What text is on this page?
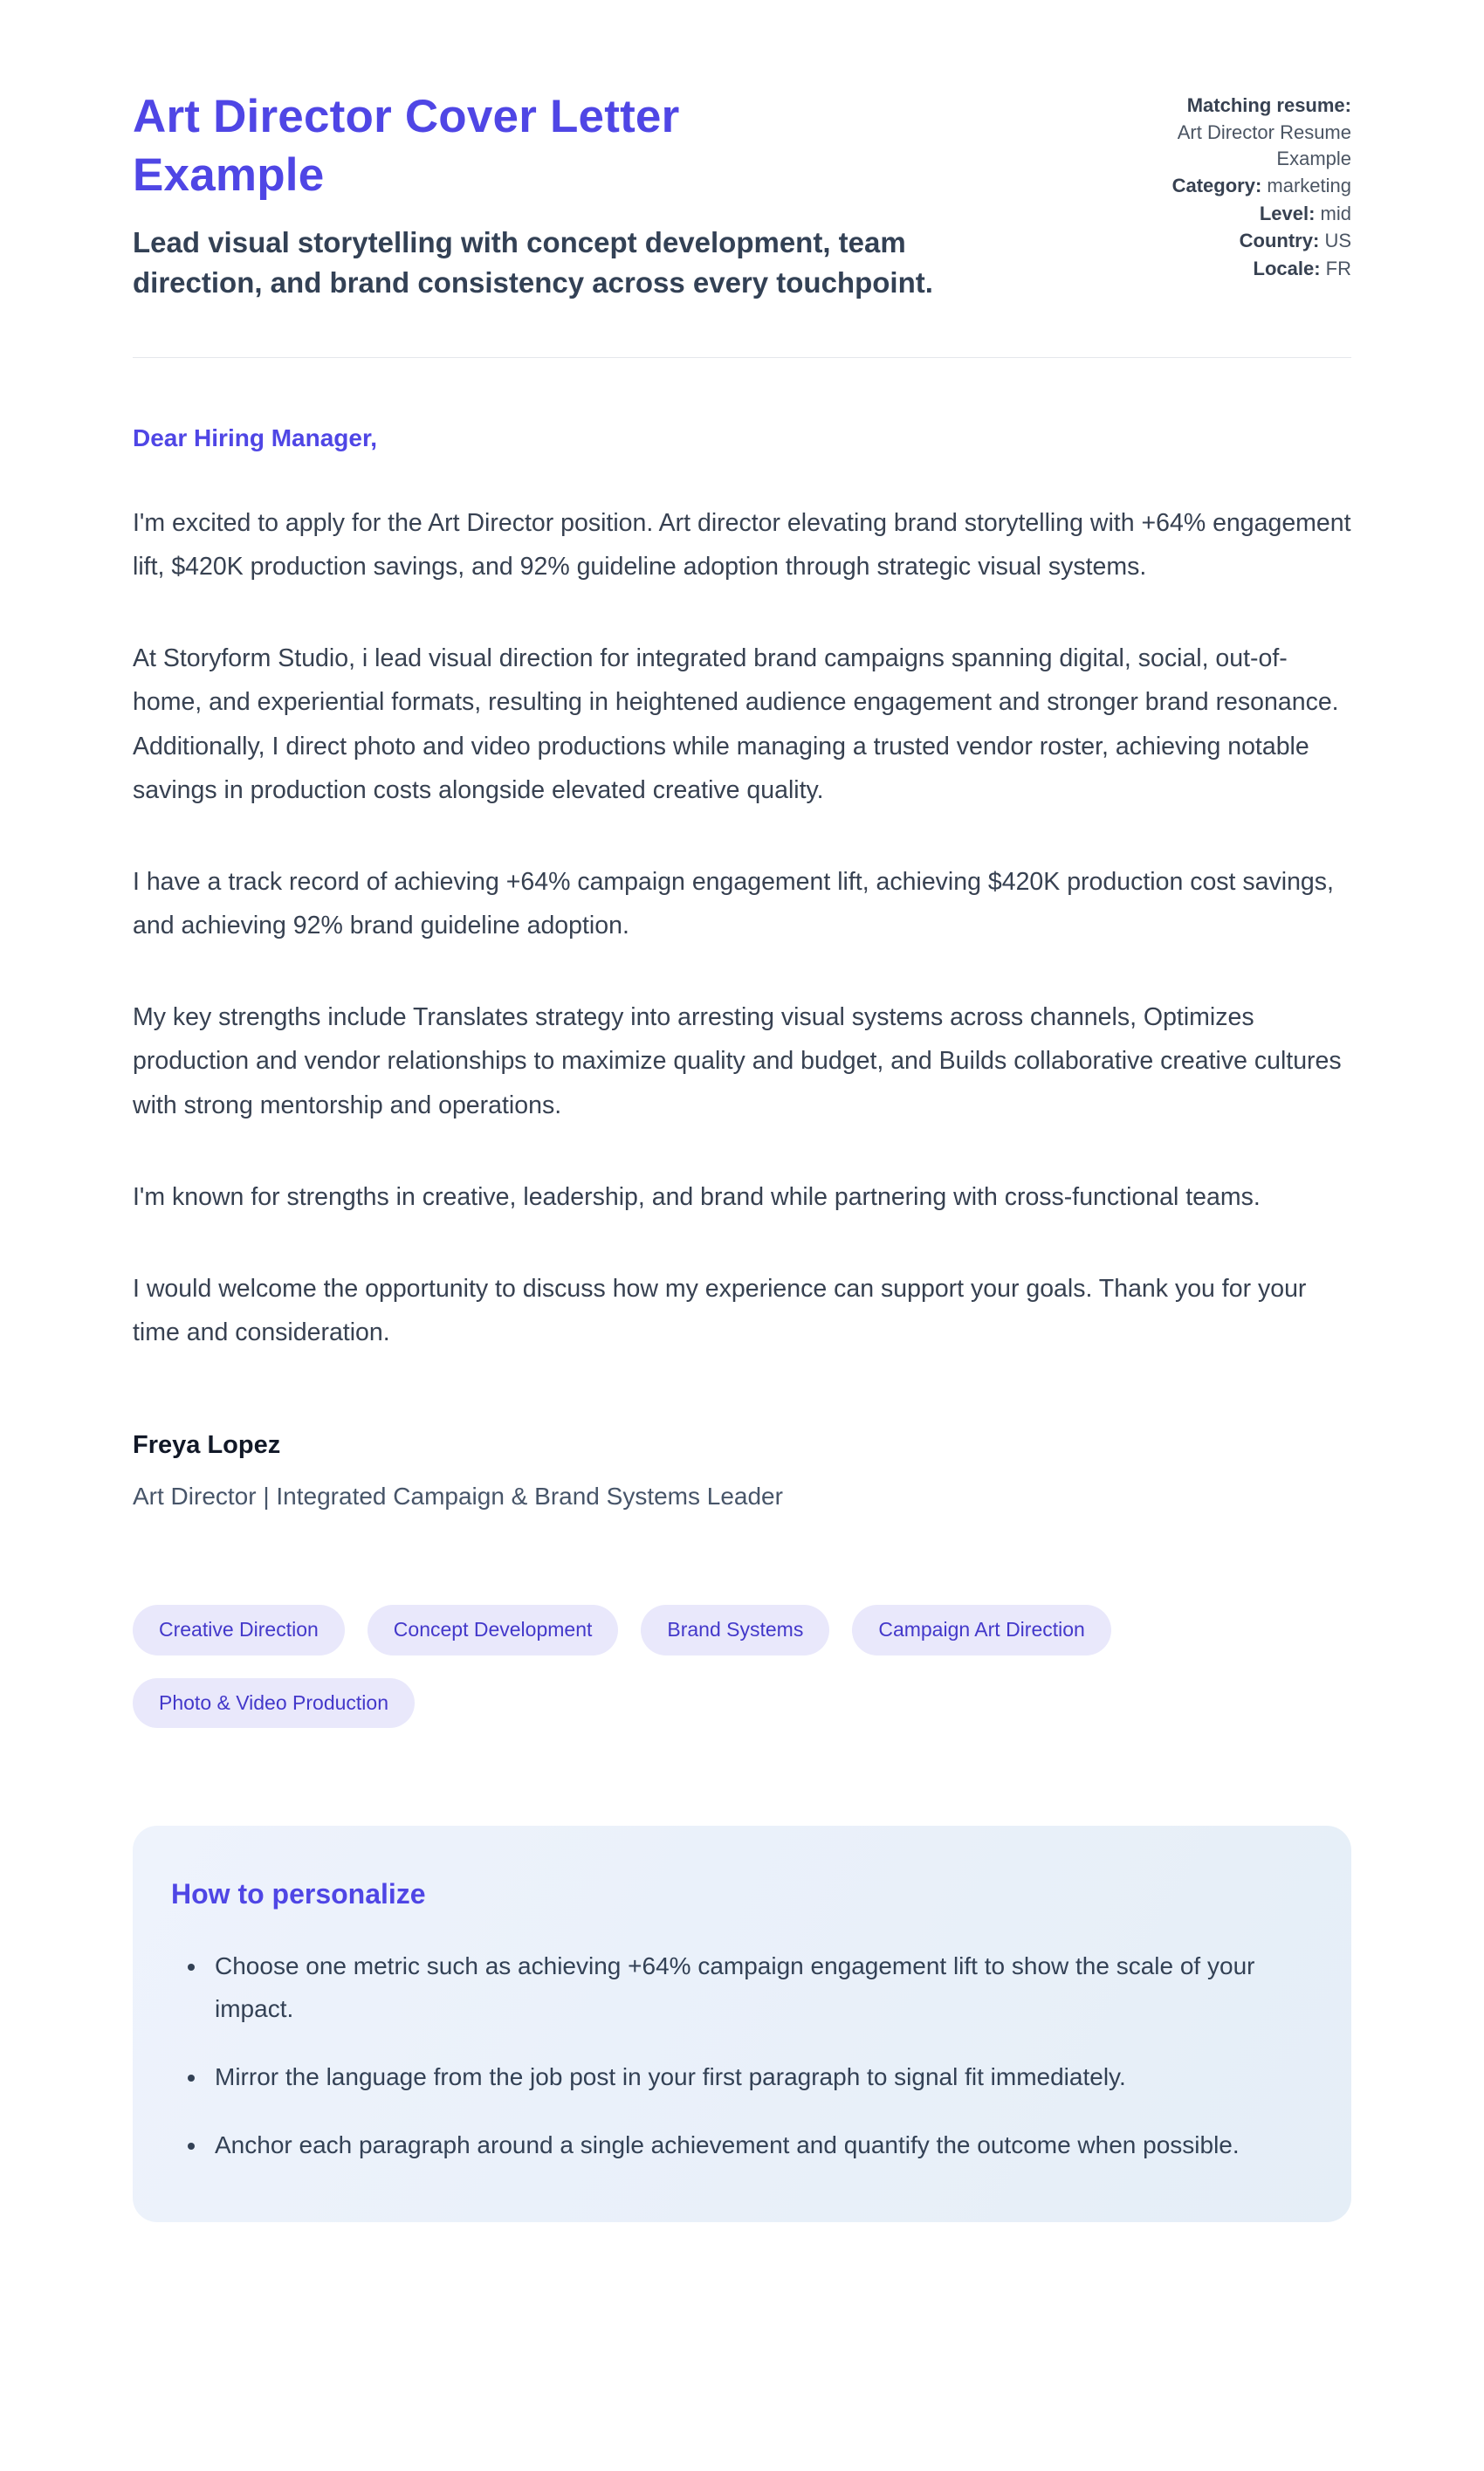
Art Director Cover Letter Example

Lead visual storytelling with concept development, team direction, and brand consistency across every touchpoint.

Matching resume:
Art Director Resume Example
Category: marketing
Level: mid
Country: US
Locale: FR

Dear Hiring Manager,

I'm excited to apply for the Art Director position. Art director elevating brand storytelling with +64% engagement lift, $420K production savings, and 92% guideline adoption through strategic visual systems.

At Storyform Studio, i lead visual direction for integrated brand campaigns spanning digital, social, out-of-home, and experiential formats, resulting in heightened audience engagement and stronger brand resonance. Additionally, I direct photo and video productions while managing a trusted vendor roster, achieving notable savings in production costs alongside elevated creative quality.

I have a track record of achieving +64% campaign engagement lift, achieving $420K production cost savings, and achieving 92% brand guideline adoption.

My key strengths include Translates strategy into arresting visual systems across channels, Optimizes production and vendor relationships to maximize quality and budget, and Builds collaborative creative cultures with strong mentorship and operations.

I'm known for strengths in creative, leadership, and brand while partnering with cross-functional teams.

I would welcome the opportunity to discuss how my experience can support your goals. Thank you for your time and consideration.

Freya Lopez

Art Director | Integrated Campaign & Brand Systems Leader

Creative Direction	Concept Development	Brand Systems	Campaign Art Direction
Photo & Video Production
How to personalize
• Choose one metric such as achieving +64% campaign engagement lift to show the scale of your impact.
• Mirror the language from the job post in your first paragraph to signal fit immediately.
• Anchor each paragraph around a single achievement and quantify the outcome when possible.
